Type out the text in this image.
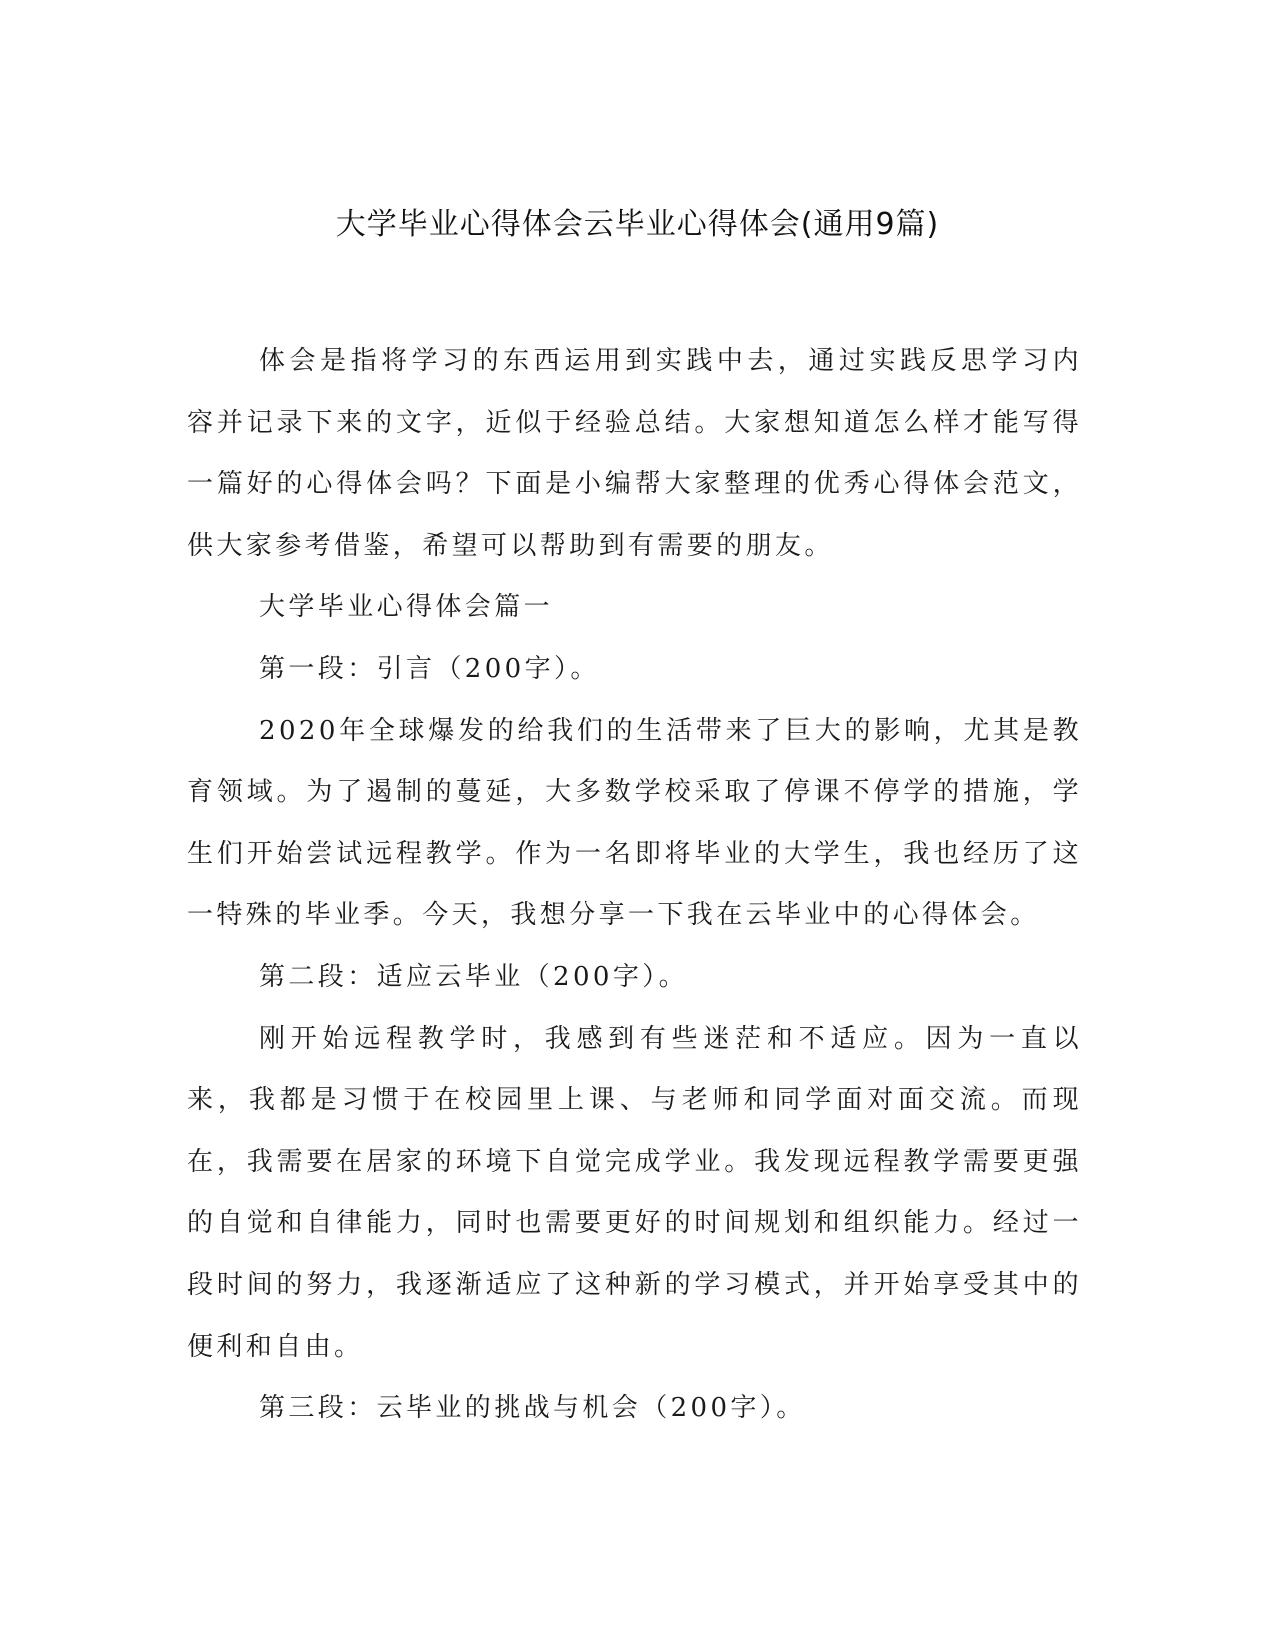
大学毕业心得体会云毕业心得体会(通用9篇)

体会是指将学习的东西运用到实践中去，通过实践反思学习内容并记录下来的文字，近似于经验总结。大家想知道怎么样才能写得一篇好的心得体会吗？下面是小编帮大家整理的优秀心得体会范文，供大家参考借鉴，希望可以帮助到有需要的朋友。

大学毕业心得体会篇一

第一段：引言（200字）。

2020年全球爆发的给我们的生活带来了巨大的影响，尤其是教育领域。为了遏制的蔓延，大多数学校采取了停课不停学的措施，学生们开始尝试远程教学。作为一名即将毕业的大学生，我也经历了这一特殊的毕业季。今天，我想分享一下我在云毕业中的心得体会。

第二段：适应云毕业（200字）。

刚开始远程教学时，我感到有些迷茫和不适应。因为一直以来，我都是习惯于在校园里上课、与老师和同学面对面交流。而现在，我需要在居家的环境下自觉完成学业。我发现远程教学需要更强的自觉和自律能力，同时也需要更好的时间规划和组织能力。经过一段时间的努力，我逐渐适应了这种新的学习模式，并开始享受其中的便利和自由。

第三段：云毕业的挑战与机会（200字）。
